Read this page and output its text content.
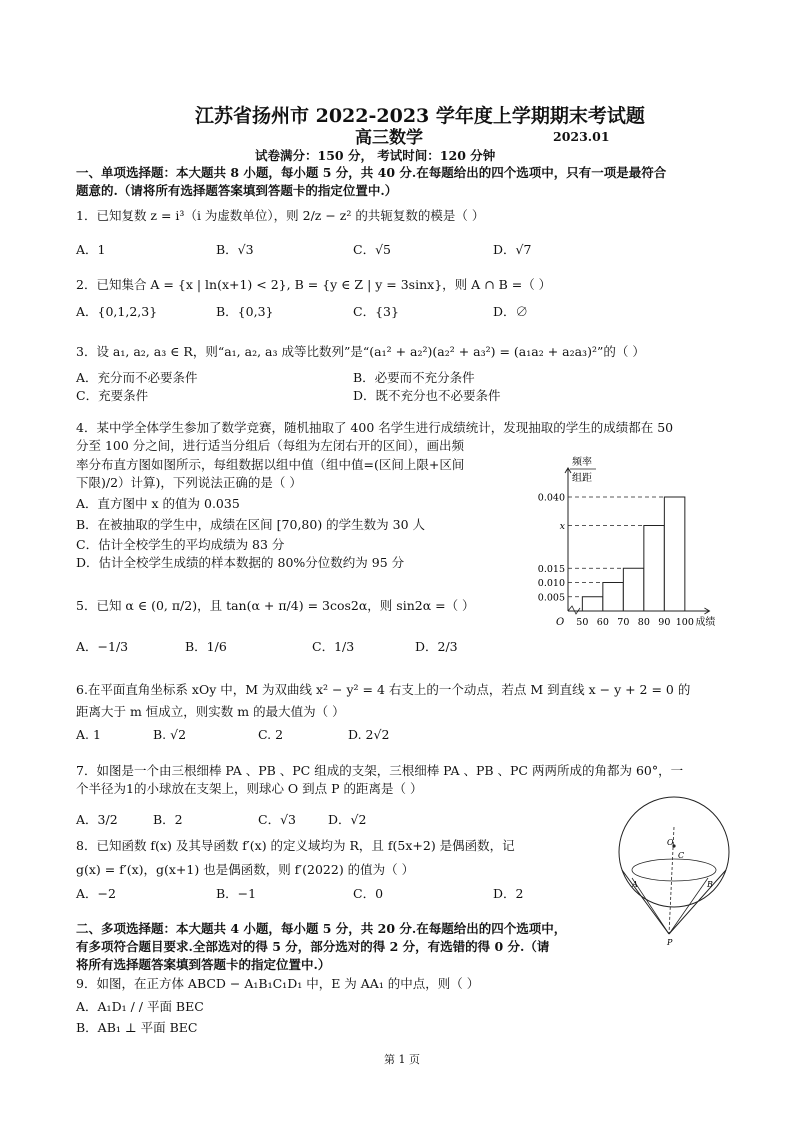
江苏省扬州市 2022-2023 学年度上学期期末考试题
高三数学	2023.01
试卷满分：150 分， 考试时间：120 分钟
一、单项选择题：本大题共 8 小题，每小题 5 分，共 40 分.在每题给出的四个选项中，只有一项是最符合
题意的.（请将所有选择题答案填到答题卡的指定位置中.）
1．已知复数 z = i³（i 为虚数单位），则 2/z − z² 的共轭复数的模是（ ）
A．1	B．√3	C．√5	D．√7
2．已知集合 A = {x | ln(x+1) < 2}, B = {y ∈ Z | y = 3sinx}，则 A ∩ B =（ ）
A．{0,1,2,3}	B．{0,3}	C．{3}	D．∅
3．设 a₁, a₂, a₃ ∈ R，则“a₁, a₂, a₃ 成等比数列”是“(a₁² + a₂²)(a₂² + a₃²) = (a₁a₂ + a₂a₃)²”的（ ）
A．充分而不必要条件	B．必要而不充分条件
C．充要条件	D．既不充分也不必要条件
4．某中学全体学生参加了数学竞赛，随机抽取了 400 名学生进行成绩统计，发现抽取的学生的成绩都在 50
分至 100 分之间，进行适当分组后（每组为左闭右开的区间），画出频
率分布直方图如图所示，每组数据以组中值（组中值=(区间上限+区间
下限)/2）计算)，下列说法正确的是（ ）
A．直方图中 x 的值为 0.035
B．在被抽取的学生中，成绩在区间 [70,80) 的学生数为 30 人
C．估计全校学生的平均成绩为 83 分
D．估计全校学生成绩的样本数据的 80%分位数约为 95 分
频率
组距
0.040
x
0.015
0.010
0.005
50 60 70 80 90 100
O	成绩
5．已知 α ∈ (0, π/2)，且 tan(α + π/4) = 3cos2α，则 sin2α =（ ）
A．−1/3	B．1/6	C．1/3	D．2/3
6.在平面直角坐标系 xOy 中，M 为双曲线 x² − y² = 4 右支上的一个动点，若点 M 到直线 x − y + 2 = 0 的
距离大于 m 恒成立，则实数 m 的最大值为（ ）
A. 1	B. √2	C. 2	D. 2√2
7．如图是一个由三根细棒 PA 、PB 、PC 组成的支架，三根细棒 PA 、PB 、PC 两两所成的角都为 60°，一
个半径为1的小球放在支架上，则球心 O 到点 P 的距离是（ ）
A．3/2	B．2	C．√3	D．√2
O
C
A	B
P
8．已知函数 f(x) 及其导函数 f′(x) 的定义域均为 R，且 f(5x+2) 是偶函数，记
g(x) = f′(x)，g(x+1) 也是偶函数，则 f′(2022) 的值为（ ）
A．−2	B．−1	C．0	D．2
二、多项选择题：本大题共 4 小题，每小题 5 分，共 20 分.在每题给出的四个选项中，
有多项符合题目要求.全部选对的得 5 分，部分选对的得 2 分，有选错的得 0 分.（请
将所有选择题答案填到答题卡的指定位置中.）
9．如图，在正方体 ABCD − A₁B₁C₁D₁ 中，E 为 AA₁ 的中点，则（ ）
A．A₁D₁ / / 平面 BEC
B．AB₁ ⊥ 平面 BEC
第 1 页
